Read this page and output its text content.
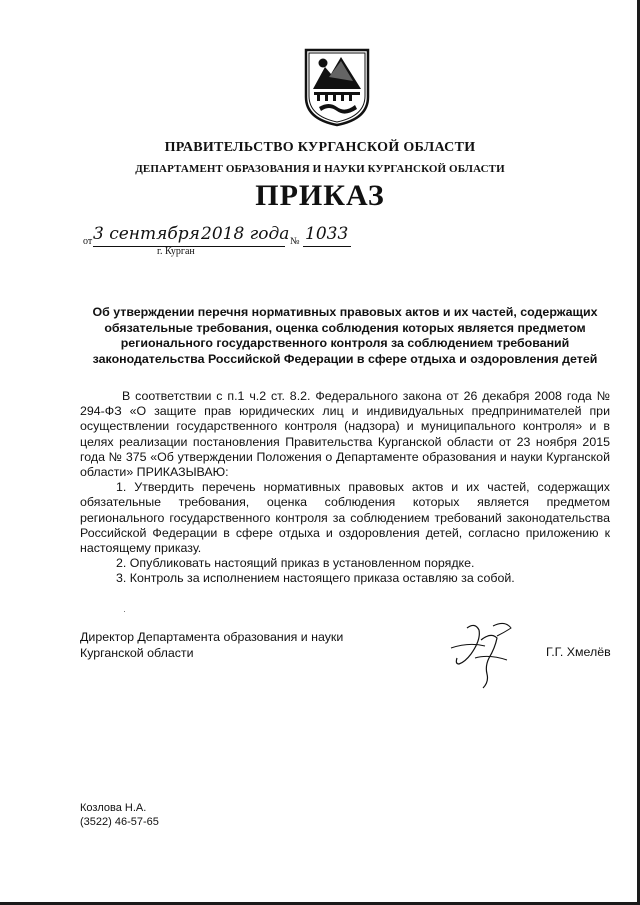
ПРАВИТЕЛЬСТВО КУРГАНСКОЙ ОБЛАСТИ
ДЕПАРТАМЕНТ ОБРАЗОВАНИЯ И НАУКИ КУРГАНСКОЙ ОБЛАСТИ
ПРИКАЗ
от 3 сентября 2018 года № 1033
г. Курган
Об утверждении перечня нормативных правовых актов и их частей, содержащих обязательные требования, оценка соблюдения которых является предметом регионального государственного контроля за соблюдением требований законодательства Российской Федерации в сфере отдыха и оздоровления детей

В соответствии с п.1 ч.2 ст. 8.2. Федерального закона от 26 декабря 2008 года № 294-ФЗ «О защите прав юридических лиц и индивидуальных предпринимателей при осуществлении государственного контроля (надзора) и муниципального контроля» и в целях реализации постановления Правительства Курганской области от 23 ноября 2015 года № 375 «Об утверждении Положения о Департаменте образования и науки Курганской области» ПРИКАЗЫВАЮ:

1. Утвердить перечень нормативных правовых актов и их частей, содержащих обязательные требования, оценка соблюдения которых является предметом регионального государственного контроля за соблюдением требований законодательства Российской Федерации в сфере отдыха и оздоровления детей, согласно приложению к настоящему приказу.

2. Опубликовать настоящий приказ в установленном порядке.

3. Контроль за исполнением настоящего приказа оставляю за собой.

Директор Департамента образования и науки
Курганской области	Г.Г. Хмелёв
Козлова Н.А.
(3522) 46-57-65
